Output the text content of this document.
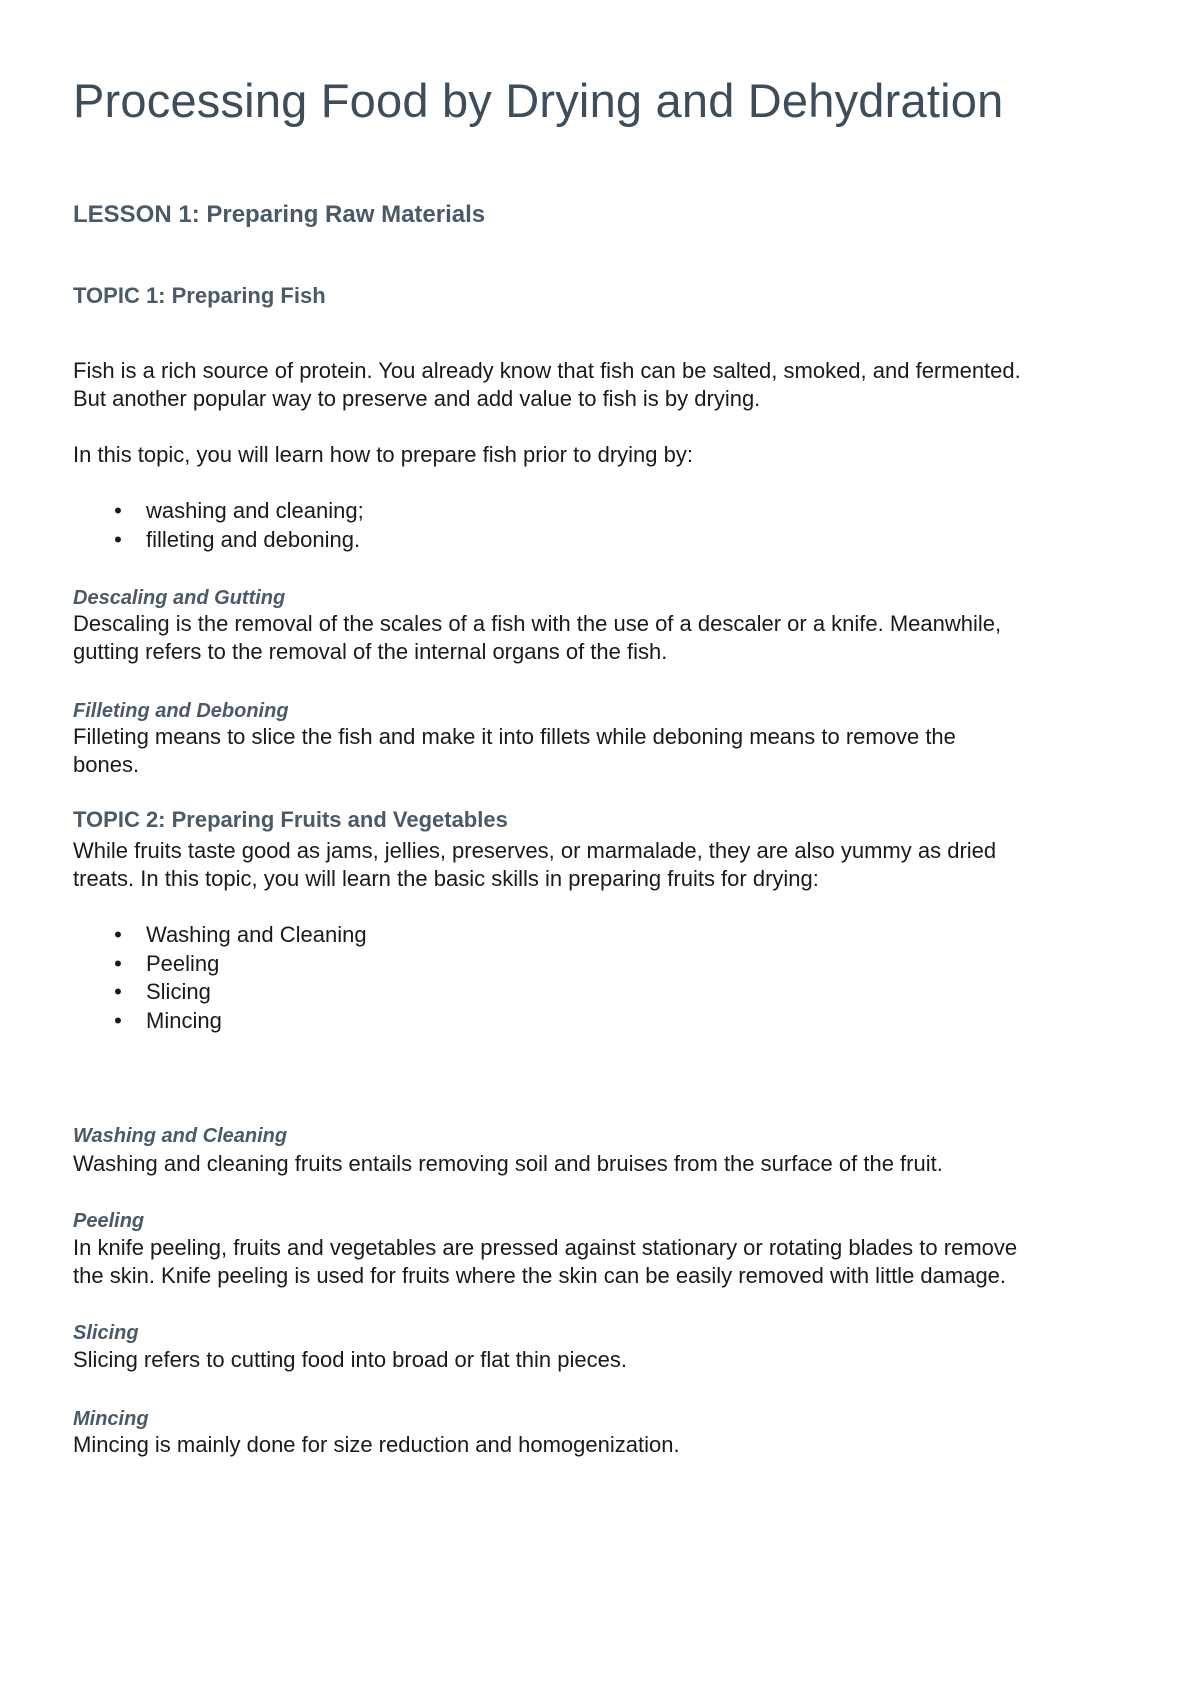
Processing Food by Drying and Dehydration
LESSON 1: Preparing Raw Materials
TOPIC 1: Preparing Fish

Fish is a rich source of protein. You already know that fish can be salted, smoked, and fermented.

But another popular way to preserve and add value to fish is by drying.

In this topic, you will learn how to prepare fish prior to drying by:

• washing and cleaning;
• filleting and deboning.
Descaling and Gutting

Descaling is the removal of the scales of a fish with the use of a descaler or a knife. Meanwhile,

gutting refers to the removal of the internal organs of the fish.

Filleting and Deboning

Filleting means to slice the fish and make it into fillets while deboning means to remove the

bones.

TOPIC 2: Preparing Fruits and Vegetables

While fruits taste good as jams, jellies, preserves, or marmalade, they are also yummy as dried

treats. In this topic, you will learn the basic skills in preparing fruits for drying:

• Washing and Cleaning
• Peeling
• Slicing
• Mincing
Washing and Cleaning

Washing and cleaning fruits entails removing soil and bruises from the surface of the fruit.

Peeling

In knife peeling, fruits and vegetables are pressed against stationary or rotating blades to remove

the skin. Knife peeling is used for fruits where the skin can be easily removed with little damage.

Slicing

Slicing refers to cutting food into broad or flat thin pieces.

Mincing

Mincing is mainly done for size reduction and homogenization.
